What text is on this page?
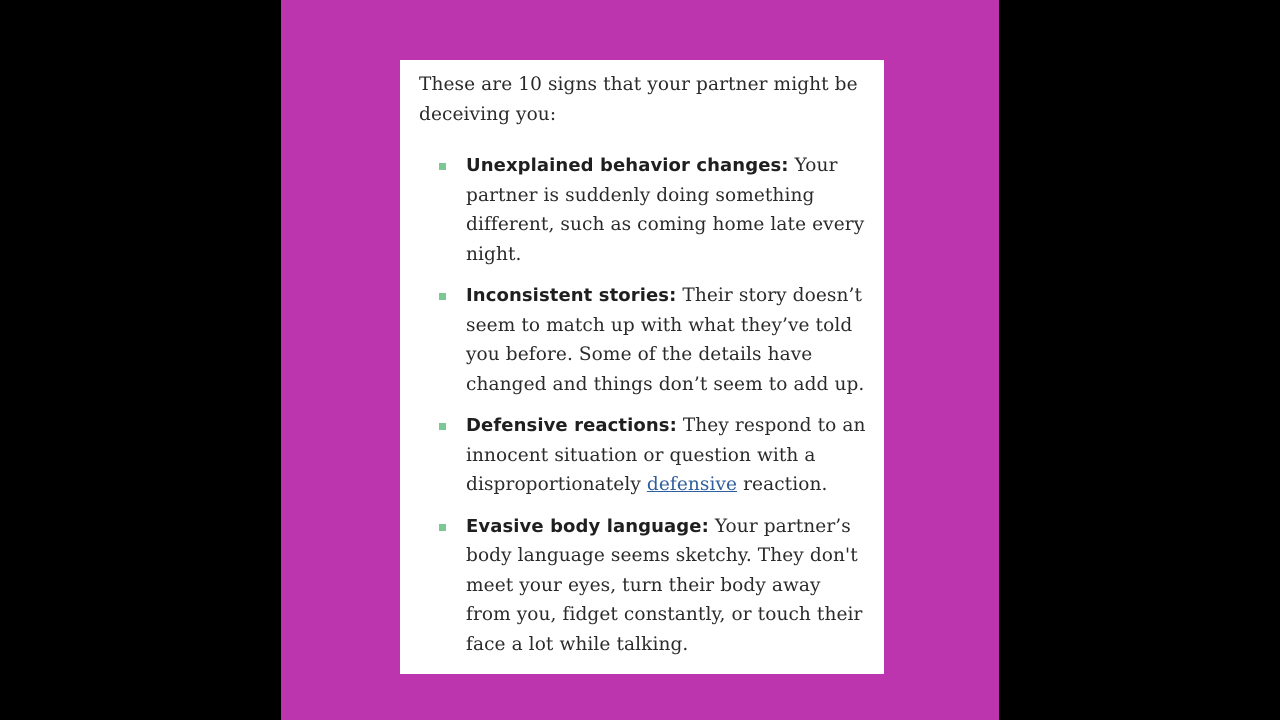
These are 10 signs that your partner might be deceiving you:

Unexplained behavior changes: Your partner is suddenly doing something different, such as coming home late every night.
Inconsistent stories: Their story doesn’t seem to match up with what they’ve told you before. Some of the details have changed and things don’t seem to add up.
Defensive reactions: They respond to an innocent situation or question with a disproportionately defensive reaction.
Evasive body language: Your partner’s body language seems sketchy. They don't meet your eyes, turn their body away from you, fidget constantly, or touch their face a lot while talking.
